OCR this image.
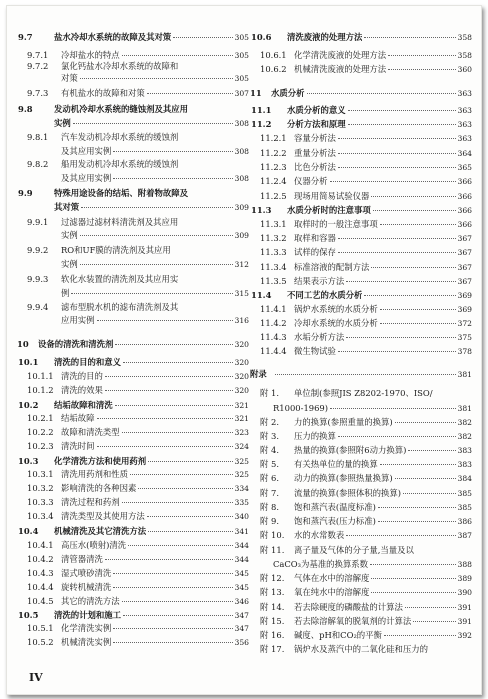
9.7	盐水冷却水系统的故障及其对策	305
9.7.1	冷却盐水的特点	305
9.7.2	氯化钙盐水冷却水系统的故障和
对策	305
9.7.3	有机盐水的故障和对策	307
9.8	发动机冷却水系统的缝蚀剂及其应用
实例	308
9.8.1	汽车发动机冷却水系统的缓蚀剂
及其应用实例	308
9.8.2	船用发动机冷却水系统的缓蚀剂
及其应用实例	308
9.9	特殊用途设备的结垢、附着物故障及
其对策	309
9.9.1	过滤器过滤材料清洗剂及其应用
实例	309
9.9.2	RO和UF膜的清洗剂及其应用
实例	312
9.9.3	软化水装置的清洗剂及其应用实
例	315
9.9.4	滤布型脱水机的滤布清洗剂及其
应用实例	316
10	设备的清洗和清洗剂	320
10.1	清洗的目的和意义	320
10.1.1 清洗的目的	320
10.1.2 清洗的效果	320
10.2	结垢故障和清洗	321
10.2.1 结垢故障	321
10.2.2 故障和清洗类型	323
10.2.3 清洗时间	324
10.3	化学清洗方法和使用药剂	325
10.3.1 清洗用药剂和性质	325
10.3.2 影响清洗的各种因素	334
10.3.3 清洗过程和药剂	335
10.3.4 清洗类型及其使用方法	340
10.4	机械清洗及其它清洗方法	341
10.4.1 高压水(喷射)清洗	344
10.4.2 清管器清洗	344
10.4.3 湿式喷砂清洗	345
10.4.4 旋转机械清洗	345
10.4.5 其它的清洗方法	346
10.5	清洗的计划和施工	347
10.5.1 化学清洗实例	347
10.5.2 机械清洗实例	356
10.6	清洗废液的处理方法	358
10.6.1 化学清洗废液的处理方法	358
10.6.2 机械清洗废液的处理方法	360
11	水质分析	363
11.1	水质分析的意义	363
11.2	分析方法和原理	363
11.2.1 容量分析法	363
11.2.2 重量分析法	364
11.2.3 比色分析法	365
11.2.4 仪器分析	366
11.2.5 现场用简易试验仪器	366
11.3	水质分析时的注意事项	366
11.3.1 取样时的一般注意事项	366
11.3.2 取样和容器	367
11.3.3 试样的保存	367
11.3.4 标准溶液的配制方法	367
11.3.5 结果表示方法	367
11.4	不同工艺的水质分析	369
11.4.1 锅炉水系统的水质分析	369
11.4.2 冷却水系统的水质分析	372
11.4.3 水垢分析方法	375
11.4.4 微生物试验	378
附录	381
附 1.	单位制(参照JIS Z8202-1970、ISO/
R1000-1969)	381
附 2.	力的换算(参照重量的换算)	382
附 3.	压力的换算	382
附 4.	热量的换算(参照附6动力换算)	383
附 5.	有关热单位的量的换算	383
附 6.	动力的换算(参照热量换算)	384
附 7.	流量的换算(参照体积的换算)	385
附 8.	饱和蒸汽表(温度标准)	385
附 9.	饱和蒸汽表(压力标准)	386
附 10.	水的水常数表	387
附 11.	离子量及气体的分子量,当量及以
CaCO₃为基准的换算系数	388
附 12.	气体在水中的溶解度	389
附 13.	氧在纯水中的溶解度	390
附 14.	若去除硬度的磷酸盐的计算法	391
附 15.	若去除溶解氧的脱氧剂的计算法	391
附 16.	碱度、pH和CO₂的平衡	392
附 17.	锅炉水及蒸汽中的二氧化硅和压力的
IV
